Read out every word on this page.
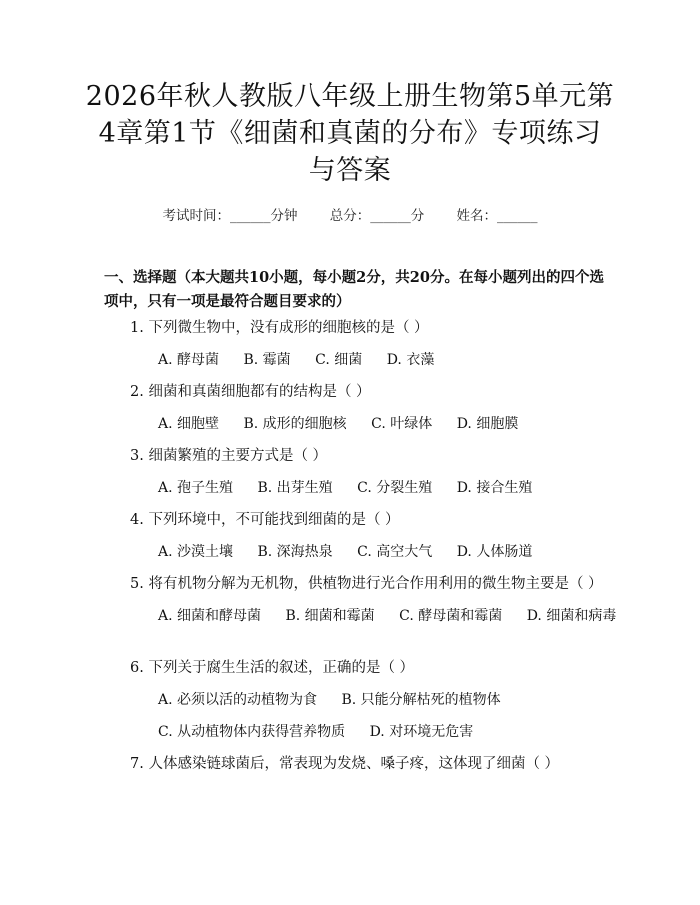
2026年秋人教版八年级上册生物第5单元第
4章第1节《细菌和真菌的分布》专项练习
与答案
考试时间：______分钟 总分：______分 姓名：______
一、选择题（本大题共10小题，每小题2分，共20分。在每小题列出的四个选项中，只有一项是最符合题目要求的）
1. 下列微生物中，没有成形的细胞核的是（ ）
A. 酵母菌 B. 霉菌 C. 细菌 D. 衣藻
2. 细菌和真菌细胞都有的结构是（ ）
A. 细胞壁 B. 成形的细胞核 C. 叶绿体 D. 细胞膜
3. 细菌繁殖的主要方式是（ ）
A. 孢子生殖 B. 出芽生殖 C. 分裂生殖 D. 接合生殖
4. 下列环境中，不可能找到细菌的是（ ）
A. 沙漠土壤 B. 深海热泉 C. 高空大气 D. 人体肠道
5. 将有机物分解为无机物，供植物进行光合作用利用的微生物主要是（ ）
A. 细菌和酵母菌 B. 细菌和霉菌 C. 酵母菌和霉菌 D. 细菌和病毒
6. 下列关于腐生生活的叙述，正确的是（ ）
A. 必须以活的动植物为食 B. 只能分解枯死的植物体
C. 从动植物体内获得营养物质 D. 对环境无危害
7. 人体感染链球菌后，常表现为发烧、嗓子疼，这体现了细菌（ ）
